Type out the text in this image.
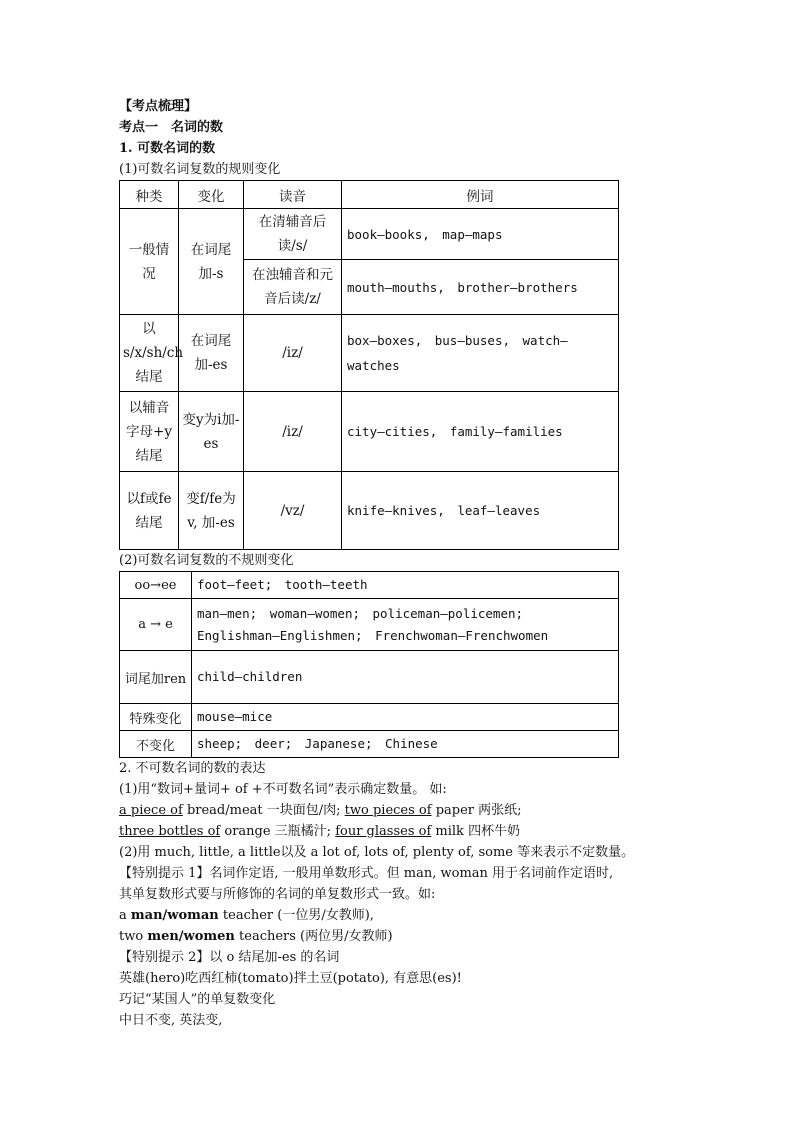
【考点梳理】
考点一　名词的数
1. 可数名词的数
(1)可数名词复数的规则变化
种类	变化	读音	例词
一般情况	在词尾加-s	在清辅音后读/s/	book—books,　map—maps
		在浊辅音和元音后读/z/	mouth—mouths,　brother—brothers
以s/x/sh/ch结尾	在词尾加-es	/iz/	box—boxes,　bus—buses,　watch—watches
以辅音字母+y结尾	变y为i加-es	/iz/	city—cities,　family—families
以f或fe结尾	变f/fe为v, 加-es	/vz/	knife—knives,　leaf—leaves
(2)可数名词复数的不规则变化
oo→ee	foot—feet;　tooth—teeth
a → e	man—men;　woman—women;　policeman—policemen;
Englishman—Englishmen;　Frenchwoman—Frenchwomen

词尾加ren	child—children
特殊变化	mouse—mice
不变化	sheep;　deer;　Japanese;　Chinese
2. 不可数名词的数的表达
(1)用“数词+量词+ of +不可数名词”表示确定数量。 如:
a piece of bread/meat 一块面包/肉; two pieces of paper 两张纸;
three bottles of orange 三瓶橘汁; four glasses of milk 四杯牛奶
(2)用 much, little, a little以及 a lot of, lots of, plenty of, some 等来表示不定数量。
【特别提示 1】名词作定语, 一般用单数形式。但 man, woman 用于名词前作定语时,
其单复数形式要与所修饰的名词的单复数形式一致。如:
a man/woman teacher (一位男/女教师),
two men/women teachers (两位男/女教师)
【特别提示 2】以 o 结尾加-es 的名词
英雄(hero)吃西红柿(tomato)拌土豆(potato), 有意思(es)!
巧记“某国人”的单复数变化
中日不变, 英法变,
